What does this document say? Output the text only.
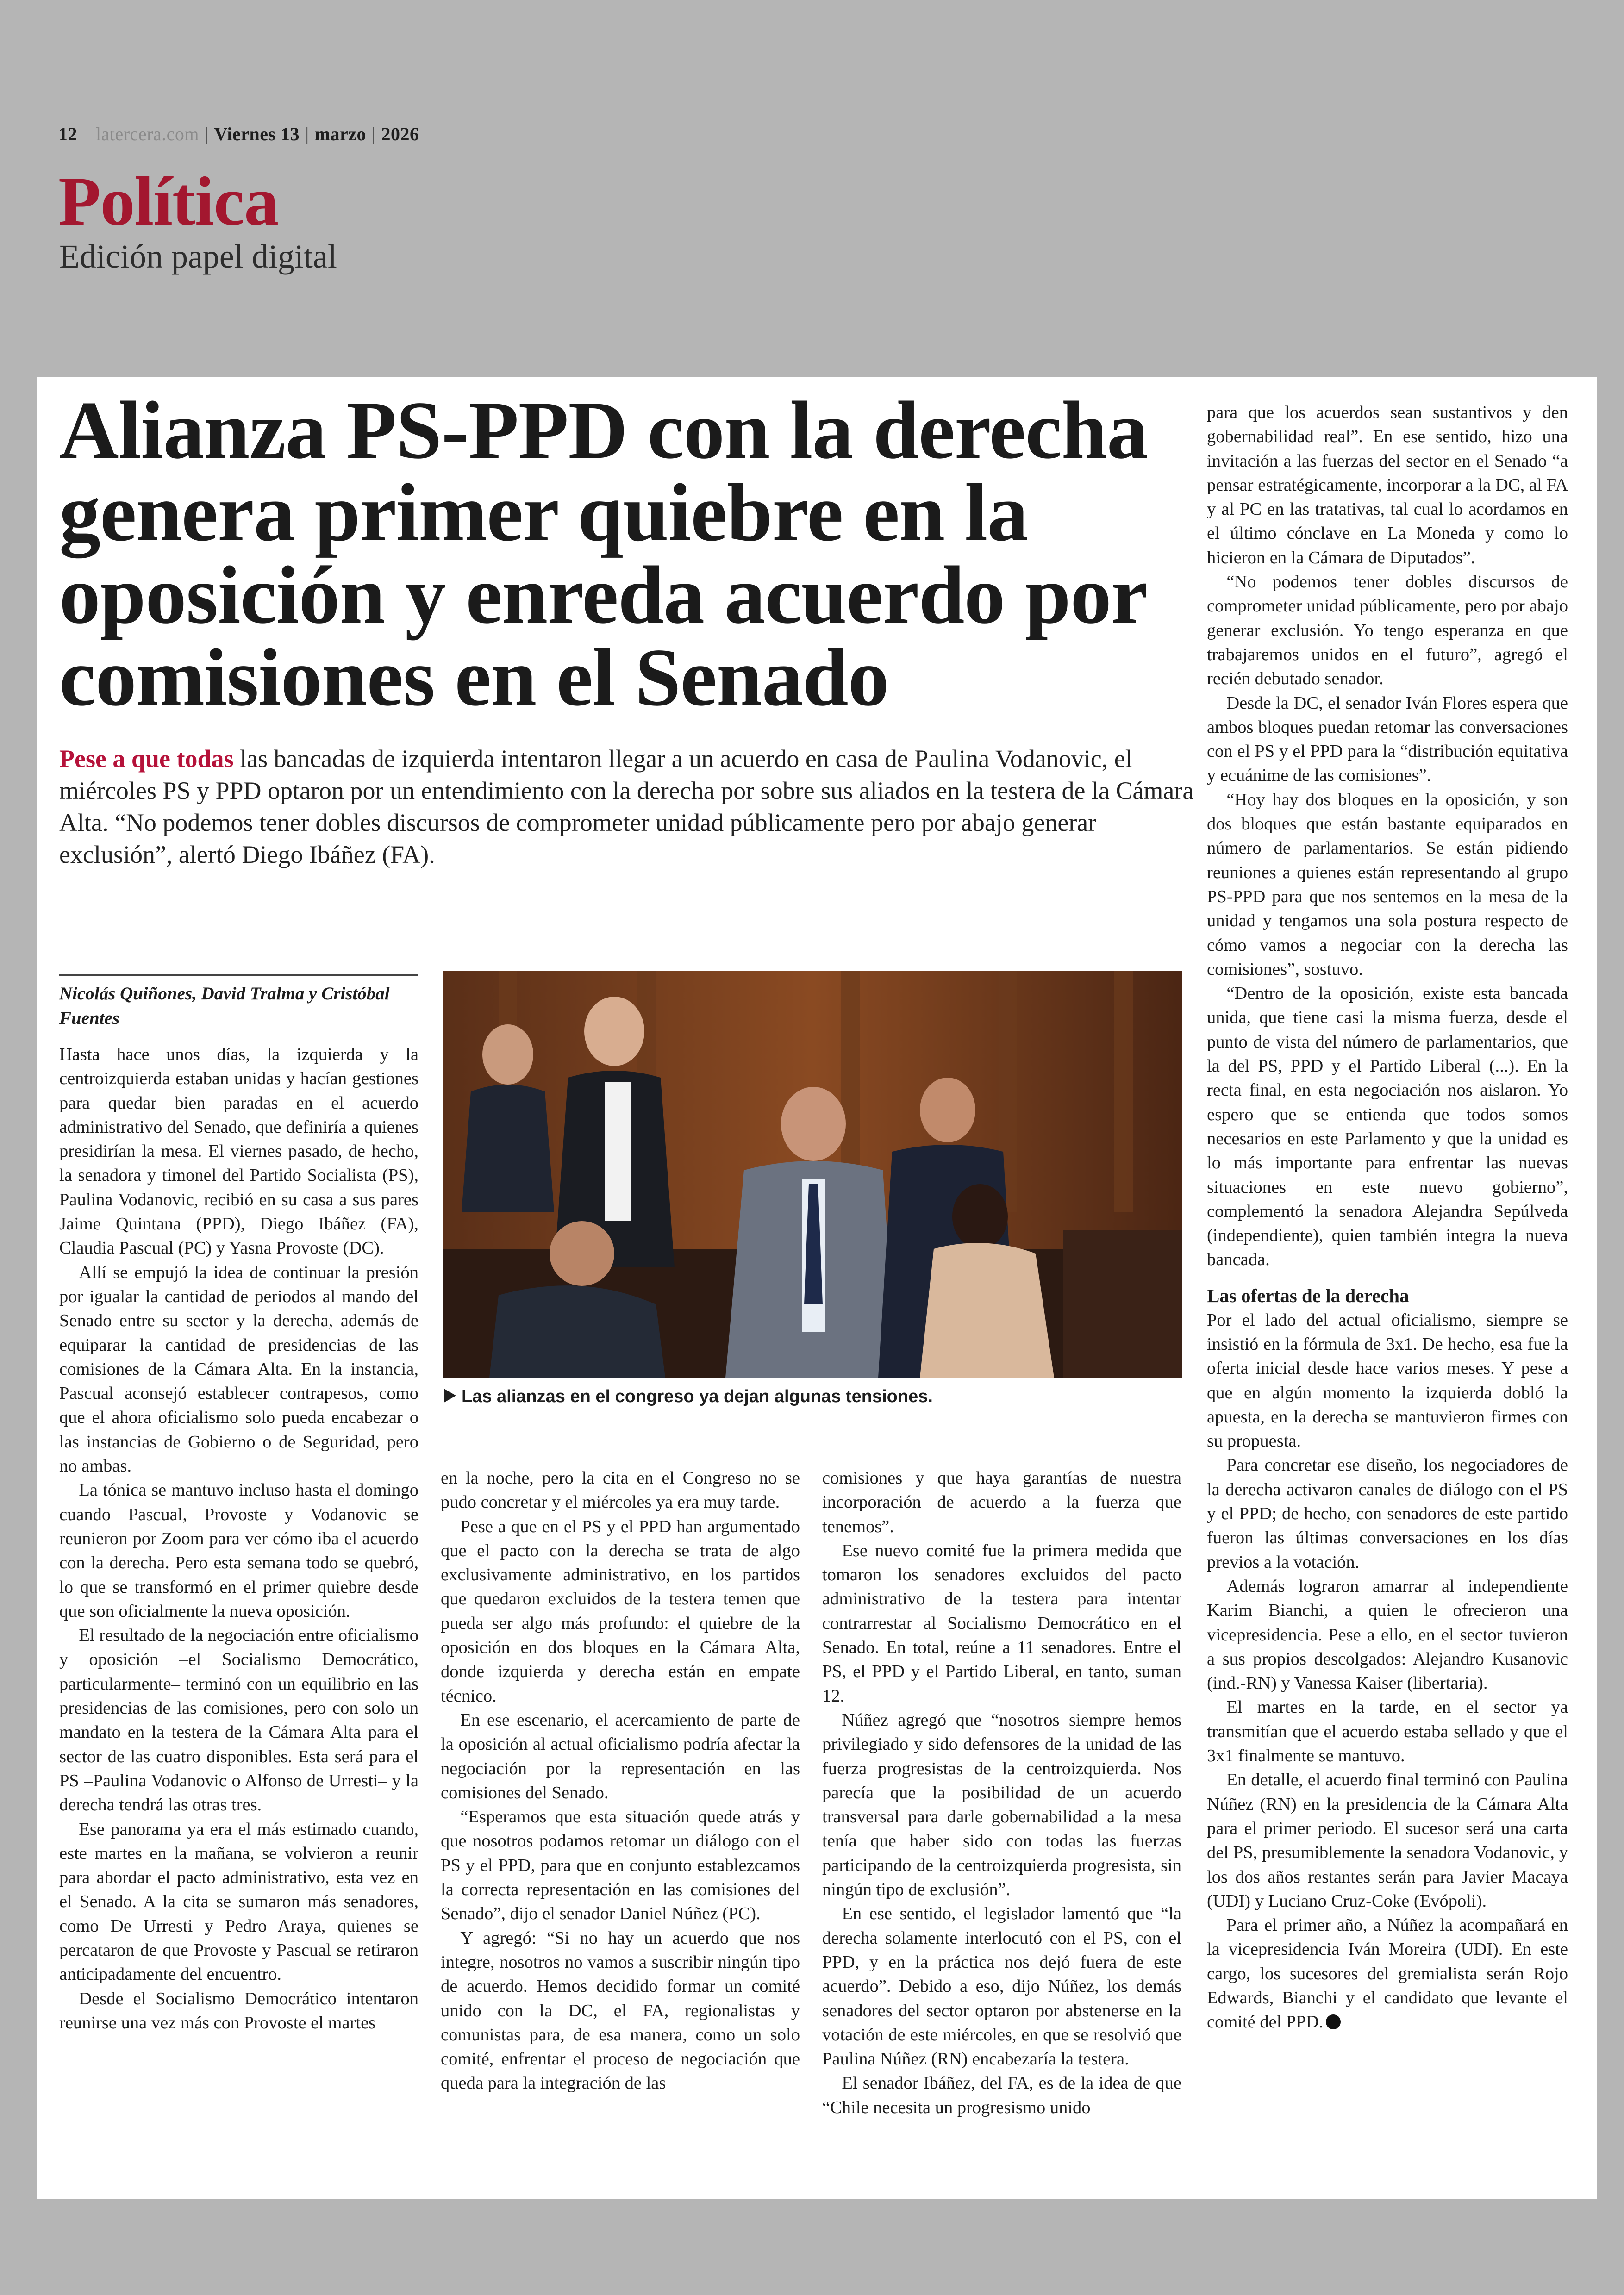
12 latercera.com | Viernes 13 | marzo | 2026
Política
Edición papel digital
Alianza PS-PPD con la derecha genera primer quiebre en la oposición y enreda acuerdo por comisiones en el Senado
Pese a que todas las bancadas de izquierda intentaron llegar a un acuerdo en casa de Paulina Vodanovic, el miércoles PS y PPD optaron por un entendimiento con la derecha por sobre sus aliados en la testera de la Cámara Alta. “No podemos tener dobles discursos de comprometer unidad públicamente pero por abajo generar exclusión”, alertó Diego Ibáñez (FA).
Nicolás Quiñones, David Tralma y Cristóbal Fuentes

Hasta hace unos días, la izquierda y la centroizquierda estaban unidas y hacían gestiones para quedar bien paradas en el acuerdo administrativo del Senado, que definiría a quienes presidirían la mesa. El viernes pasado, de hecho, la senadora y timonel del Partido Socialista (PS), Paulina Vodanovic, recibió en su casa a sus pares Jaime Quintana (PPD), Diego Ibáñez (FA), Claudia Pascual (PC) y Yasna Provoste (DC).

Allí se empujó la idea de continuar la presión por igualar la cantidad de periodos al mando del Senado entre su sector y la derecha, además de equiparar la cantidad de presidencias de las comisiones de la Cámara Alta. En la instancia, Pascual aconsejó establecer contrapesos, como que el ahora oficialismo solo pueda encabezar o las instancias de Gobierno o de Seguridad, pero no ambas.

La tónica se mantuvo incluso hasta el domingo cuando Pascual, Provoste y Vodanovic se reunieron por Zoom para ver cómo iba el acuerdo con la derecha. Pero esta semana todo se quebró, lo que se transformó en el primer quiebre desde que son oficialmente la nueva oposición.

El resultado de la negociación entre oficialismo y oposición –el Socialismo Democrático, particularmente– terminó con un equilibrio en las presidencias de las comisiones, pero con solo un mandato en la testera de la Cámara Alta para el sector de las cuatro disponibles. Esta será para el PS –Paulina Vodanovic o Alfonso de Urresti– y la derecha tendrá las otras tres.

Ese panorama ya era el más estimado cuando, este martes en la mañana, se volvieron a reunir para abordar el pacto administrativo, esta vez en el Senado. A la cita se sumaron más senadores, como De Urresti y Pedro Araya, quienes se percataron de que Provoste y Pascual se retiraron anticipadamente del encuentro.

Desde el Socialismo Democrático intentaron reunirse una vez más con Provoste el martes

Las alianzas en el congreso ya dejan algunas tensiones.

en la noche, pero la cita en el Congreso no se pudo concretar y el miércoles ya era muy tarde.

Pese a que en el PS y el PPD han argumentado que el pacto con la derecha se trata de algo exclusivamente administrativo, en los partidos que quedaron excluidos de la testera temen que pueda ser algo más profundo: el quiebre de la oposición en dos bloques en la Cámara Alta, donde izquierda y derecha están en empate técnico.

En ese escenario, el acercamiento de parte de la oposición al actual oficialismo podría afectar la negociación por la representación en las comisiones del Senado.

“Esperamos que esta situación quede atrás y que nosotros podamos retomar un diálogo con el PS y el PPD, para que en conjunto establezcamos la correcta representación en las comisiones del Senado”, dijo el senador Daniel Núñez (PC).

Y agregó: “Si no hay un acuerdo que nos integre, nosotros no vamos a suscribir ningún tipo de acuerdo. Hemos decidido formar un comité unido con la DC, el FA, regionalistas y comunistas para, de esa manera, como un solo comité, enfrentar el proceso de negociación que queda para la integración de las

comisiones y que haya garantías de nuestra incorporación de acuerdo a la fuerza que tenemos”.

Ese nuevo comité fue la primera medida que tomaron los senadores excluidos del pacto administrativo de la testera para intentar contrarrestar al Socialismo Democrático en el Senado. En total, reúne a 11 senadores. Entre el PS, el PPD y el Partido Liberal, en tanto, suman 12.

Núñez agregó que “nosotros siempre hemos privilegiado y sido defensores de la unidad de las fuerza progresistas de la centroizquierda. Nos parecía que la posibilidad de un acuerdo transversal para darle gobernabilidad a la mesa tenía que haber sido con todas las fuerzas participando de la centroizquierda progresista, sin ningún tipo de exclusión”.

En ese sentido, el legislador lamentó que “la derecha solamente interlocutó con el PS, con el PPD, y en la práctica nos dejó fuera de este acuerdo”. Debido a eso, dijo Núñez, los demás senadores del sector optaron por abstenerse en la votación de este miércoles, en que se resolvió que Paulina Núñez (RN) encabezaría la testera.

El senador Ibáñez, del FA, es de la idea de que “Chile necesita un progresismo unido

para que los acuerdos sean sustantivos y den gobernabilidad real”. En ese sentido, hizo una invitación a las fuerzas del sector en el Senado “a pensar estratégicamente, incorporar a la DC, al FA y al PC en las tratativas, tal cual lo acordamos en el último cónclave en La Moneda y como lo hicieron en la Cámara de Diputados”.

“No podemos tener dobles discursos de comprometer unidad públicamente, pero por abajo generar exclusión. Yo tengo esperanza en que trabajaremos unidos en el futuro”, agregó el recién debutado senador.

Desde la DC, el senador Iván Flores espera que ambos bloques puedan retomar las conversaciones con el PS y el PPD para la “distribución equitativa y ecuánime de las comisiones”.

“Hoy hay dos bloques en la oposición, y son dos bloques que están bastante equiparados en número de parlamentarios. Se están pidiendo reuniones a quienes están representando al grupo PS-PPD para que nos sentemos en la mesa de la unidad y tengamos una sola postura respecto de cómo vamos a negociar con la derecha las comisiones”, sostuvo.

“Dentro de la oposición, existe esta bancada unida, que tiene casi la misma fuerza, desde el punto de vista del número de parlamentarios, que la del PS, PPD y el Partido Liberal (...). En la recta final, en esta negociación nos aislaron. Yo espero que se entienda que todos somos necesarios en este Parlamento y que la unidad es lo más importante para enfrentar las nuevas situaciones en este nuevo gobierno”, complementó la senadora Alejandra Sepúlveda (independiente), quien también integra la nueva bancada.

Las ofertas de la derecha

Por el lado del actual oficialismo, siempre se insistió en la fórmula de 3x1. De hecho, esa fue la oferta inicial desde hace varios meses. Y pese a que en algún momento la izquierda dobló la apuesta, en la derecha se mantuvieron firmes con su propuesta.

Para concretar ese diseño, los negociadores de la derecha activaron canales de diálogo con el PS y el PPD; de hecho, con senadores de este partido fueron las últimas conversaciones en los días previos a la votación.

Además lograron amarrar al independiente Karim Bianchi, a quien le ofrecieron una vicepresidencia. Pese a ello, en el sector tuvieron a sus propios descolgados: Alejandro Kusanovic (ind.-RN) y Vanessa Kaiser (libertaria).

El martes en la tarde, en el sector ya transmitían que el acuerdo estaba sellado y que el 3x1 finalmente se mantuvo.

En detalle, el acuerdo final terminó con Paulina Núñez (RN) en la presidencia de la Cámara Alta para el primer periodo. El sucesor será una carta del PS, presumiblemente la senadora Vodanovic, y los dos años restantes serán para Javier Macaya (UDI) y Luciano Cruz-Coke (Evópoli).

Para el primer año, a Núñez la acompañará en la vicepresidencia Iván Moreira (UDI). En este cargo, los sucesores del gremialista serán Rojo Edwards, Bianchi y el candidato que levante el comité del PPD.
